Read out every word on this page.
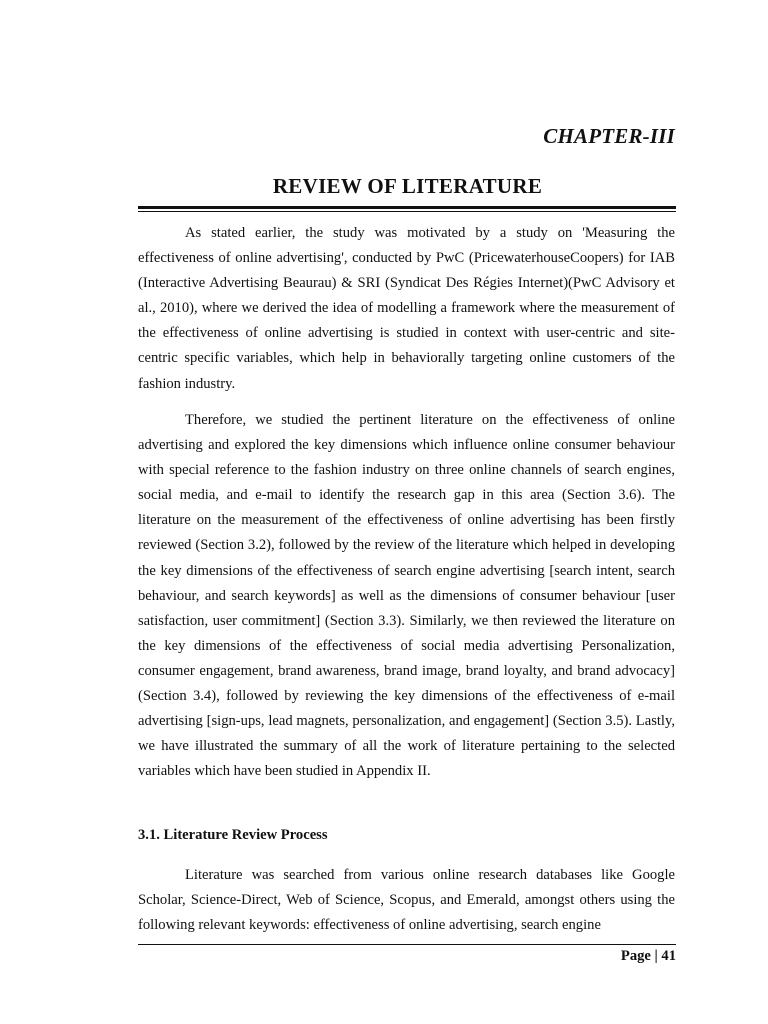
CHAPTER-III
REVIEW OF LITERATURE

As stated earlier, the study was motivated by a study on 'Measuring the effectiveness of online advertising', conducted by PwC (PricewaterhouseCoopers) for IAB (Interactive Advertising Beaurau) & SRI (Syndicat Des Régies Internet)(PwC Advisory et al., 2010), where we derived the idea of modelling a framework where the measurement of the effectiveness of online advertising is studied in context with user-centric and site-centric specific variables, which help in behaviorally targeting online customers of the fashion industry.

Therefore, we studied the pertinent literature on the effectiveness of online advertising and explored the key dimensions which influence online consumer behaviour with special reference to the fashion industry on three online channels of search engines, social media, and e-mail to identify the research gap in this area (Section 3.6). The literature on the measurement of the effectiveness of online advertising has been firstly reviewed (Section 3.2), followed by the review of the literature which helped in developing the key dimensions of the effectiveness of search engine advertising [search intent, search behaviour, and search keywords] as well as the dimensions of consumer behaviour [user satisfaction, user commitment] (Section 3.3). Similarly, we then reviewed the literature on the key dimensions of the effectiveness of social media advertising Personalization, consumer engagement, brand awareness, brand image, brand loyalty, and brand advocacy] (Section 3.4), followed by reviewing the key dimensions of the effectiveness of e-mail advertising [sign-ups, lead magnets, personalization, and engagement] (Section 3.5). Lastly, we have illustrated the summary of all the work of literature pertaining to the selected variables which have been studied in Appendix II.

3.1. Literature Review Process

Literature was searched from various online research databases like Google Scholar, Science-Direct, Web of Science, Scopus, and Emerald, amongst others using the following relevant keywords: effectiveness of online advertising, search engine

Page | 41
